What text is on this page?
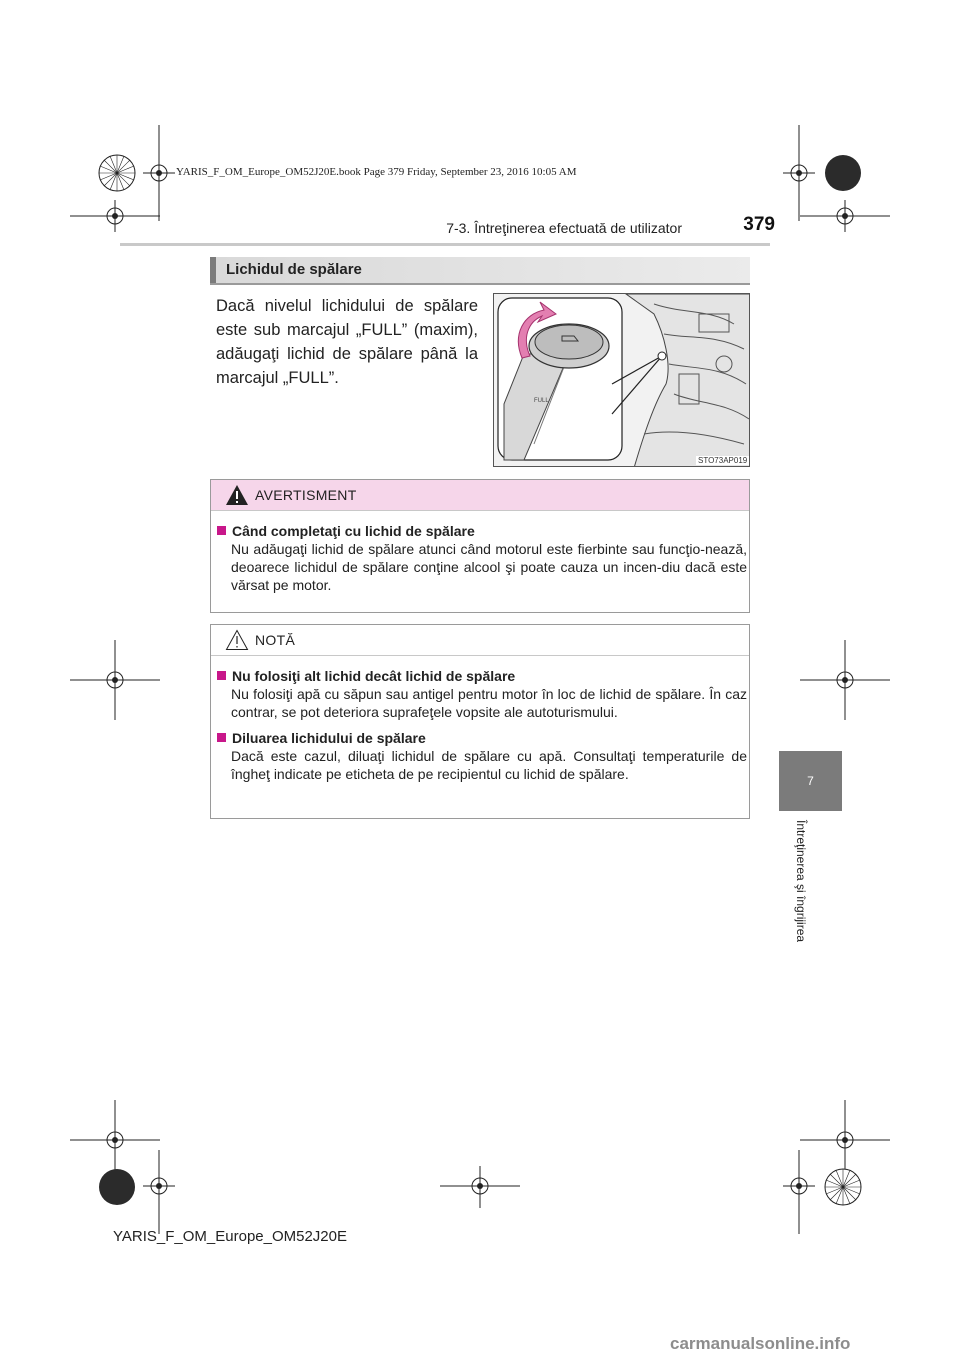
YARIS_F_OM_Europe_OM52J20E.book Page 379 Friday, September 23, 2016 10:05 AM
7-3. Întreţinerea efectuată de utilizator	379
7
Întreţinerea şi îngrijirea
Lichidul de spălare
Dacă nivelul lichidului de spălare este sub marcajul „FULL” (maxim), adăugaţi lichid de spălare până la marcajul „FULL”.
FULL
STO73AP019
AVERTISMENT
Când completaţi cu lichid de spălare
Nu adăugaţi lichid de spălare atunci când motorul este fierbinte sau funcţio-nează, deoarece lichidul de spălare conţine alcool şi poate cauza un incen-diu dacă este vărsat pe motor.
NOTĂ
Nu folosiţi alt lichid decât lichid de spălare
Nu folosiţi apă cu săpun sau antigel pentru motor în loc de lichid de spălare. În caz contrar, se pot deteriora suprafeţele vopsite ale autoturismului.
Diluarea lichidului de spălare
Dacă este cazul, diluaţi lichidul de spălare cu apă. Consultaţi temperaturile de îngheţ indicate pe eticheta de pe recipientul cu lichid de spălare.
YARIS_F_OM_Europe_OM52J20E
carmanualsonline.info
